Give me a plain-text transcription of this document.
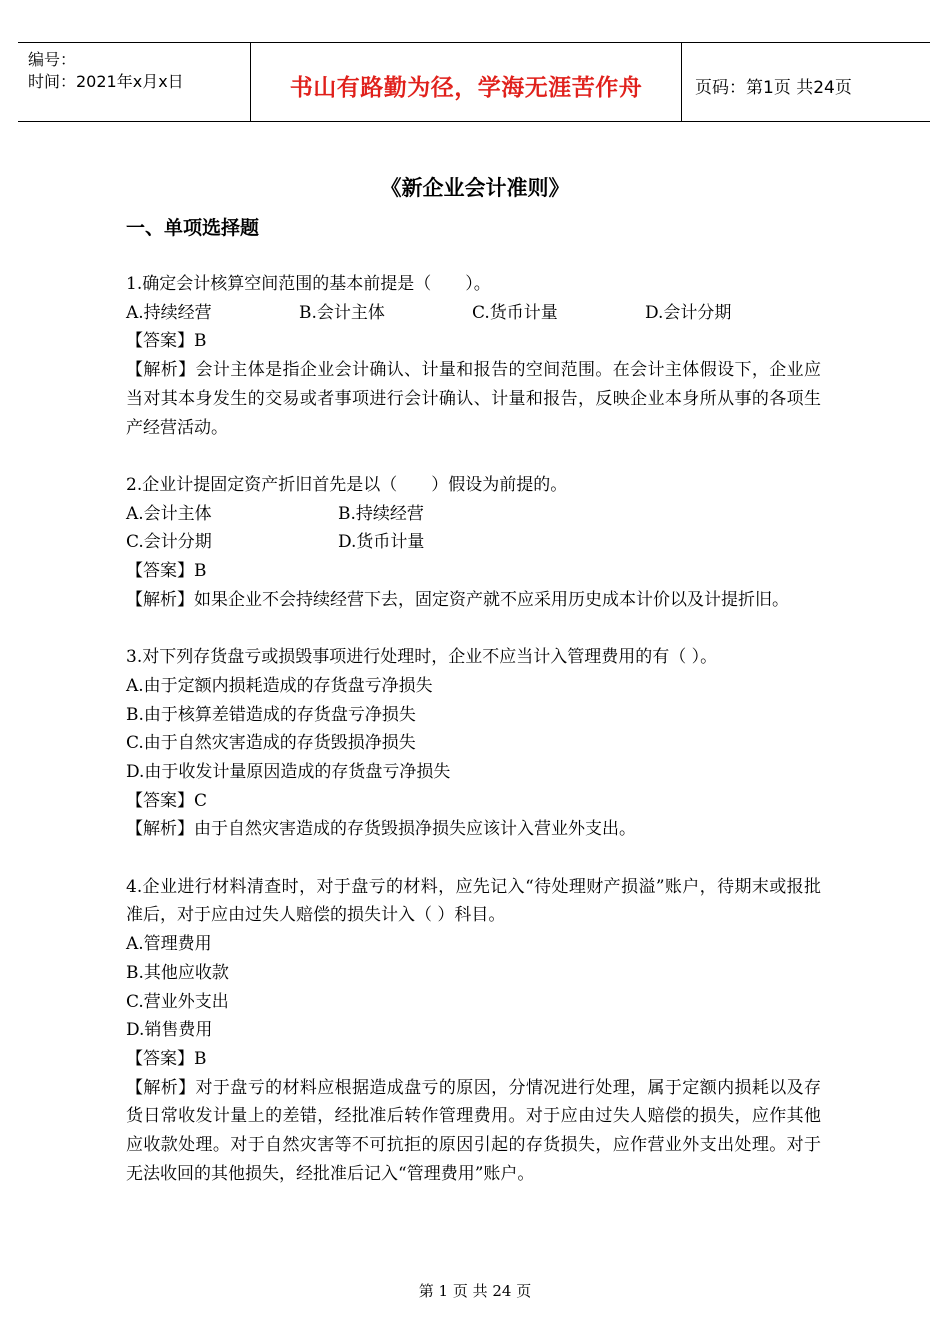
编号：
时间：2021年x月x日	书山有路勤为径，学海无涯苦作舟	页码：第1页 共24页
《新企业会计准则》
一、单项选择题

1.确定会计核算空间范围的基本前提是（　　）。

A.持续经营	B.会计主体	C.货币计量	D.会计分期

【答案】B

【解析】会计主体是指企业会计确认、计量和报告的空间范围。在会计主体假设下，企业应当对其本身发生的交易或者事项进行会计确认、计量和报告，反映企业本身所从事的各项生产经营活动。

2.企业计提固定资产折旧首先是以（　　）假设为前提的。

A.会计主体	B.持续经营
C.会计分期	D.货币计量

【答案】B

【解析】如果企业不会持续经营下去，固定资产就不应采用历史成本计价以及计提折旧。

3.对下列存货盘亏或损毁事项进行处理时，企业不应当计入管理费用的有（ ）。

A.由于定额内损耗造成的存货盘亏净损失

B.由于核算差错造成的存货盘亏净损失

C.由于自然灾害造成的存货毁损净损失

D.由于收发计量原因造成的存货盘亏净损失

【答案】C

【解析】由于自然灾害造成的存货毁损净损失应该计入营业外支出。

4.企业进行材料清查时，对于盘亏的材料，应先记入“待处理财产损溢”账户，待期末或报批准后，对于应由过失人赔偿的损失计入（ ）科目。

A.管理费用

B.其他应收款

C.营业外支出

D.销售费用

【答案】B

【解析】对于盘亏的材料应根据造成盘亏的原因，分情况进行处理，属于定额内损耗以及存货日常收发计量上的差错，经批准后转作管理费用。对于应由过失人赔偿的损失，应作其他应收款处理。对于自然灾害等不可抗拒的原因引起的存货损失，应作营业外支出处理。对于无法收回的其他损失，经批准后记入“管理费用”账户。

第 1 页 共 24 页
